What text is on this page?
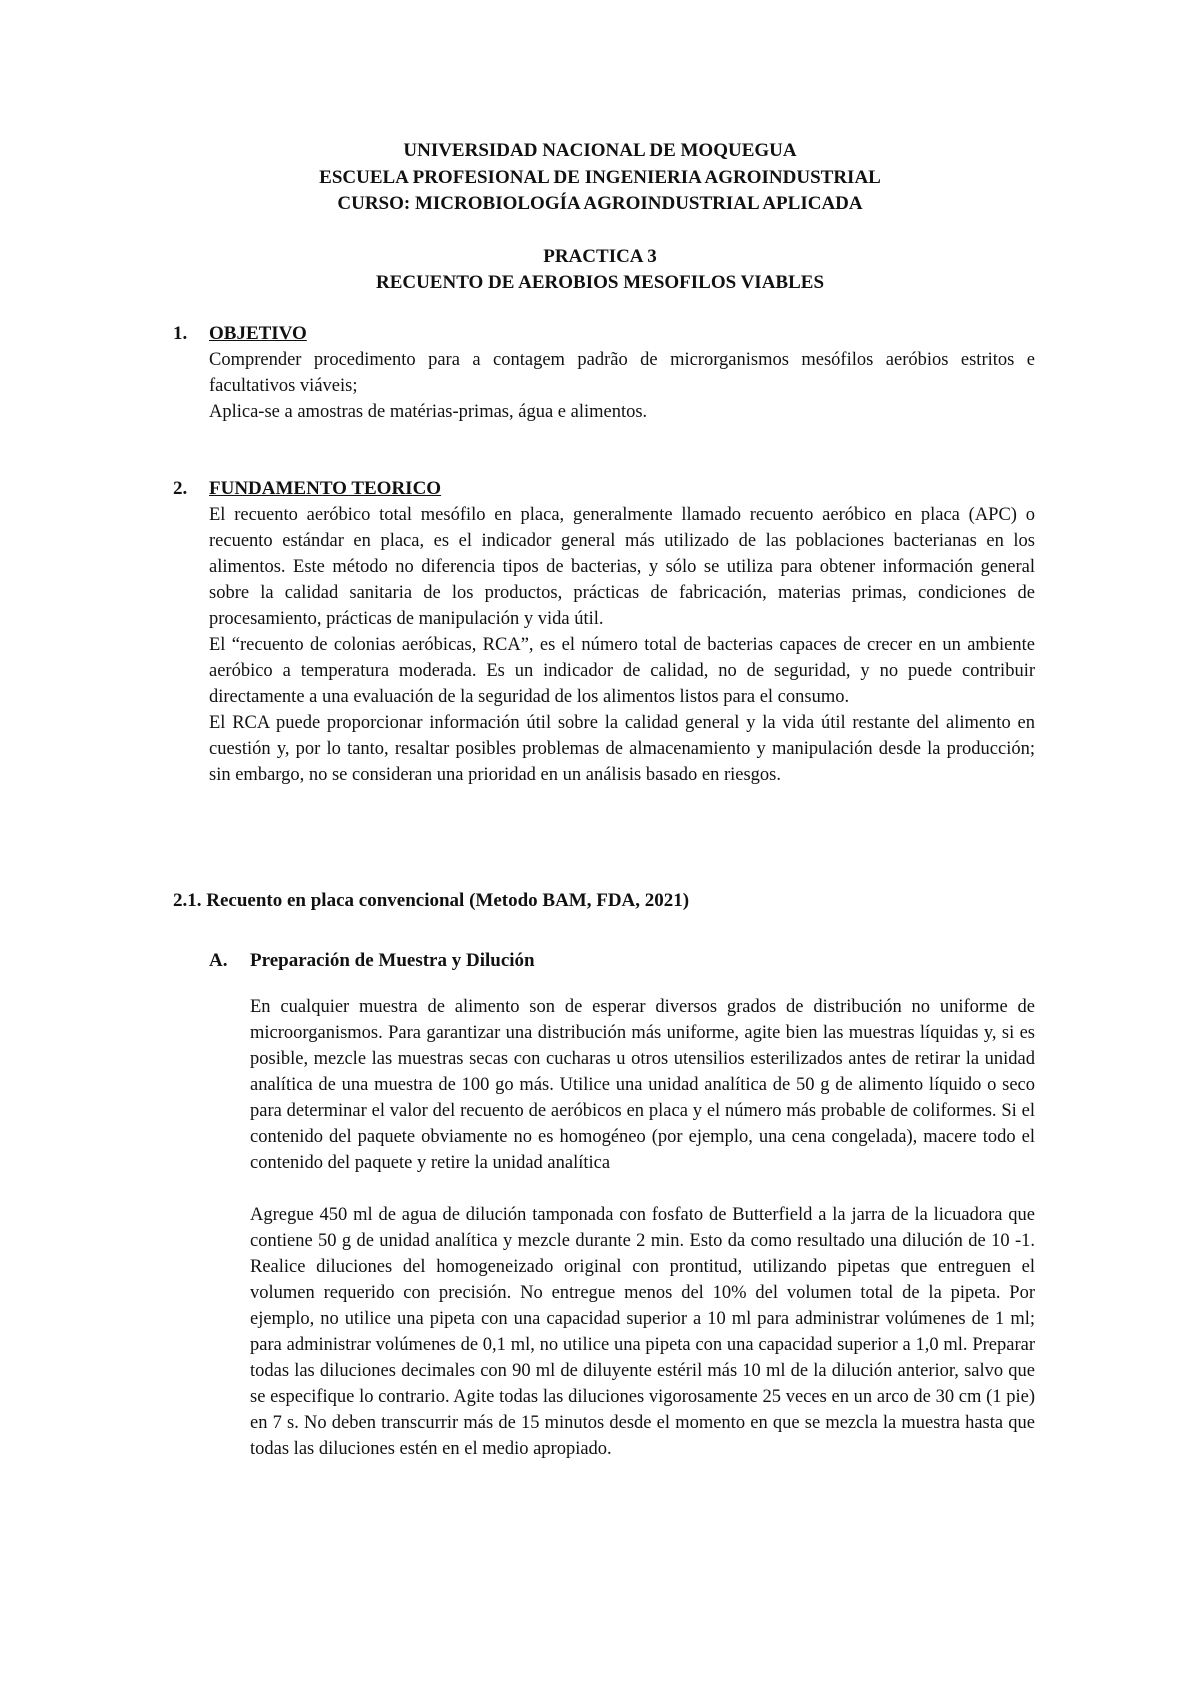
UNIVERSIDAD NACIONAL DE MOQUEGUA
ESCUELA PROFESIONAL DE INGENIERIA AGROINDUSTRIAL
CURSO: MICROBIOLOGÍA AGROINDUSTRIAL APLICADA
PRACTICA 3
RECUENTO DE AEROBIOS MESOFILOS VIABLES
1.	OBJETIVO
Comprender procedimento para a contagem padrão de microrganismos mesófilos aeróbios estritos e facultativos viáveis;
Aplica-se a amostras de matérias-primas, água e alimentos.
2.	FUNDAMENTO TEORICO
El recuento aeróbico total mesófilo en placa, generalmente llamado recuento aeróbico en placa (APC) o recuento estándar en placa, es el indicador general más utilizado de las poblaciones bacterianas en los alimentos. Este método no diferencia tipos de bacterias, y sólo se utiliza para obtener información general sobre la calidad sanitaria de los productos, prácticas de fabricación, materias primas, condiciones de procesamiento, prácticas de manipulación y vida útil.
El “recuento de colonias aeróbicas, RCA”, es el número total de bacterias capaces de crecer en un ambiente aeróbico a temperatura moderada. Es un indicador de calidad, no de seguridad, y no puede contribuir directamente a una evaluación de la seguridad de los alimentos listos para el consumo.
El RCA puede proporcionar información útil sobre la calidad general y la vida útil restante del alimento en cuestión y, por lo tanto, resaltar posibles problemas de almacenamiento y manipulación desde la producción; sin embargo, no se consideran una prioridad en un análisis basado en riesgos.
2.1. Recuento en placa convencional (Metodo BAM, FDA, 2021)
A.	Preparación de Muestra y Dilución
En cualquier muestra de alimento son de esperar diversos grados de distribución no uniforme de microorganismos. Para garantizar una distribución más uniforme, agite bien las muestras líquidas y, si es posible, mezcle las muestras secas con cucharas u otros utensilios esterilizados antes de retirar la unidad analítica de una muestra de 100 go más. Utilice una unidad analítica de 50 g de alimento líquido o seco para determinar el valor del recuento de aeróbicos en placa y el número más probable de coliformes. Si el contenido del paquete obviamente no es homogéneo (por ejemplo, una cena congelada), macere todo el contenido del paquete y retire la unidad analítica
Agregue 450 ml de agua de dilución tamponada con fosfato de Butterfield a la jarra de la licuadora que contiene 50 g de unidad analítica y mezcle durante 2 min. Esto da como resultado una dilución de 10 -1. Realice diluciones del homogeneizado original con prontitud, utilizando pipetas que entreguen el volumen requerido con precisión. No entregue menos del 10% del volumen total de la pipeta. Por ejemplo, no utilice una pipeta con una capacidad superior a 10 ml para administrar volúmenes de 1 ml; para administrar volúmenes de 0,1 ml, no utilice una pipeta con una capacidad superior a 1,0 ml. Preparar todas las diluciones decimales con 90 ml de diluyente estéril más 10 ml de la dilución anterior, salvo que se especifique lo contrario. Agite todas las diluciones vigorosamente 25 veces en un arco de 30 cm (1 pie) en 7 s. No deben transcurrir más de 15 minutos desde el momento en que se mezcla la muestra hasta que todas las diluciones estén en el medio apropiado.
